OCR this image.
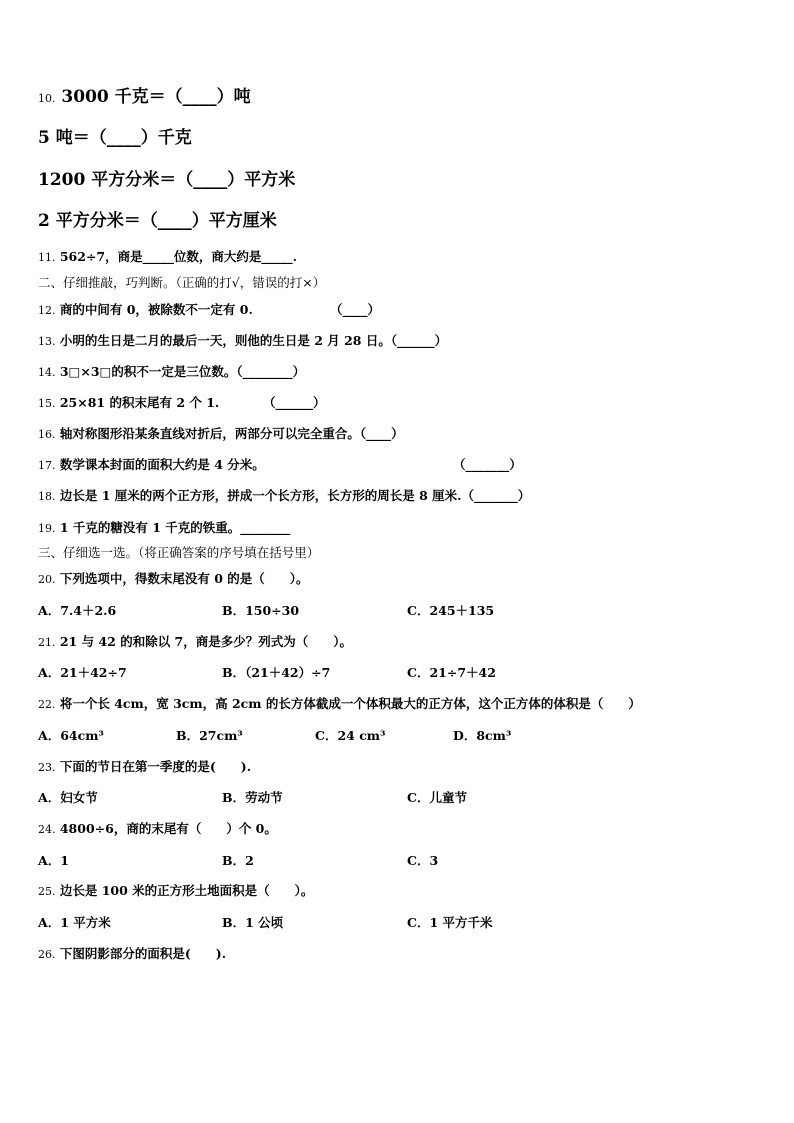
10. 3000 千克＝（____）吨
5 吨＝（____）千克
1200 平方分米＝（____）平方米
2 平方分米＝（____）平方厘米
11. 562÷7，商是_____位数，商大约是_____.
二、仔细推敲，巧判断。（正确的打√，错误的打×）
12. 商的中间有 0，被除数不一定有 0.	（____）
13. 小明的生日是二月的最后一天，则他的生日是 2 月 28 日。（______）
14. 3□×3□的积不一定是三位数。（________）
15. 25×81 的积末尾有 2 个 1.	（______）
16. 轴对称图形沿某条直线对折后，两部分可以完全重合。（____）
17. 数学课本封面的面积大约是 4 分米。	（_______）
18. 边长是 1 厘米的两个正方形，拼成一个长方形，长方形的周长是 8 厘米.（_______）
19. 1 千克的糖没有 1 千克的铁重。________
三、仔细选一选。（将正确答案的序号填在括号里）
20. 下列选项中，得数末尾没有 0 的是（　　）。
A．7.4＋2.6	B．150÷30	C．245＋135
21. 21 与 42 的和除以 7，商是多少？列式为（　　）。
A．21＋42÷7	B．（21＋42）÷7	C．21÷7＋42
22. 将一个长 4cm，宽 3cm，高 2cm 的长方体截成一个体积最大的正方体，这个正方体的体积是（　　）
A．64cm³	B．27cm³	C．24 cm³	D．8cm³
23. 下面的节日在第一季度的是(　　).
A．妇女节	B．劳动节	C．儿童节
24. 4800÷6，商的末尾有（　　）个 0。
A．1	B．2	C．3
25. 边长是 100 米的正方形土地面积是（　　）。
A．1 平方米	B．1 公顷	C．1 平方千米
26. 下图阴影部分的面积是(　　).
